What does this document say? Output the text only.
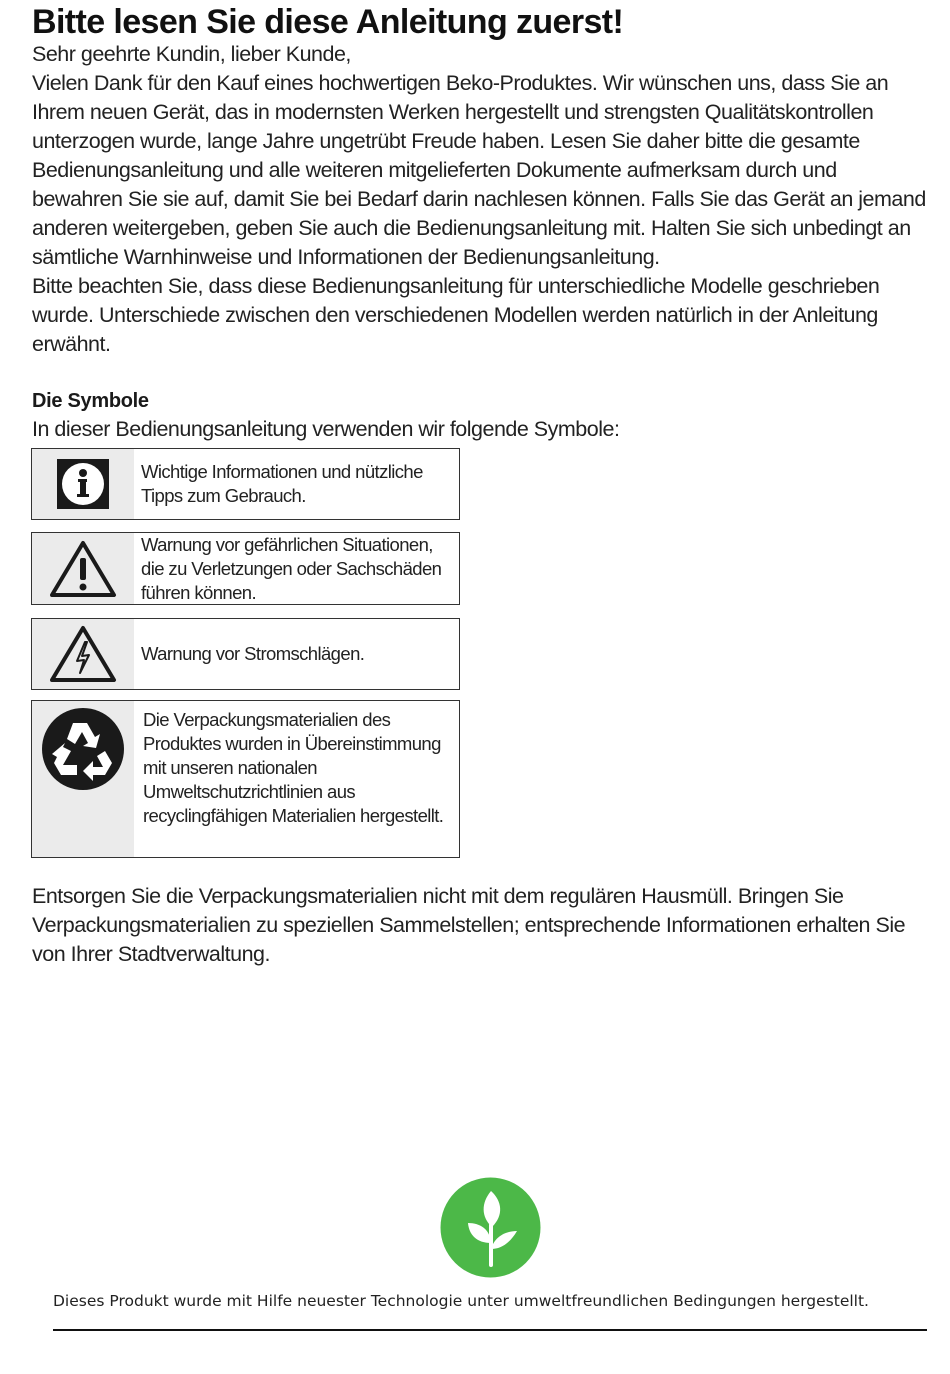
Bitte lesen Sie diese Anleitung zuerst!

Sehr geehrte Kundin, lieber Kunde,

Vielen Dank für den Kauf eines hochwertigen Beko-Produktes. Wir wünschen uns, dass Sie an Ihrem neuen Gerät, das in modernsten Werken hergestellt und strengsten Qualitätskontrollen unterzogen wurde, lange Jahre ungetrübt Freude haben. Lesen Sie daher bitte die gesamte Bedienungsanleitung und alle weiteren mitgelieferten Dokumente aufmerksam durch und bewahren Sie sie auf, damit Sie bei Bedarf darin nachlesen können. Falls Sie das Gerät an jemand anderen weitergeben, geben Sie auch die Bedienungsanleitung mit. Halten Sie sich unbedingt an sämtliche Warnhinweise und Informationen der Bedienungsanleitung.

Bitte beachten Sie, dass diese Bedienungsanleitung für unterschiedliche Modelle geschrieben wurde. Unterschiede zwischen den verschiedenen Modellen werden natürlich in der Anleitung erwähnt.

Die Symbole

In dieser Bedienungsanleitung verwenden wir folgende Symbole:

Wichtige Informationen und nützliche Tipps zum Gebrauch.
Warnung vor gefährlichen Situationen, die zu Verletzungen oder Sachschäden führen können.
Warnung vor Stromschlägen.
Die Verpackungsmaterialien des Produktes wurden in Übereinstimmung mit unseren nationalen Umweltschutzrichtlinien aus recyclingfähigen Materialien hergestellt.

Entsorgen Sie die Verpackungsmaterialien nicht mit dem regulären Hausmüll. Bringen Sie Verpackungsmaterialien zu speziellen Sammelstellen; entsprechende Informationen erhalten Sie von Ihrer Stadtverwaltung.

Dieses Produkt wurde mit Hilfe neuester Technologie unter umweltfreundlichen Bedingungen hergestellt.
